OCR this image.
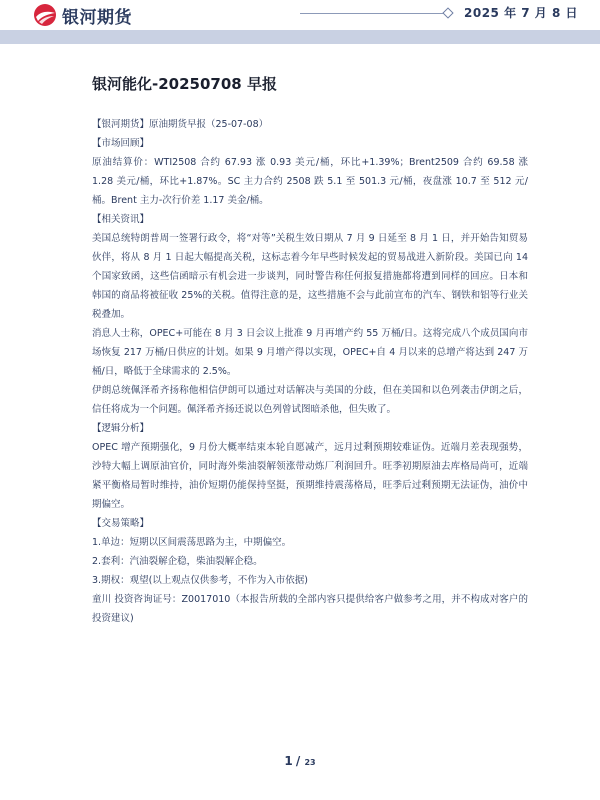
银河期货	2025 年 7 月 8 日
银河能化-20250708 早报

【银河期货】原油期货早报（25-07-08）

【市场回顾】

原油结算价：WTI2508 合约 67.93 涨 0.93 美元/桶，环比+1.39%；Brent2509 合约 69.58 涨 1.28 美元/桶，环比+1.87%。SC 主力合约 2508 跌 5.1 至 501.3 元/桶，夜盘涨 10.7 至 512 元/桶。Brent 主力-次行价差 1.17 美金/桶。

【相关资讯】

美国总统特朗普周一签署行政令，将“对等”关税生效日期从 7 月 9 日延至 8 月 1 日，并开始告知贸易伙伴，将从 8 月 1 日起大幅提高关税，这标志着今年早些时候发起的贸易战进入新阶段。美国已向 14 个国家致函，这些信函暗示有机会进一步谈判，同时警告称任何报复措施都将遭到同样的回应。日本和韩国的商品将被征收 25%的关税。值得注意的是，这些措施不会与此前宣布的汽车、钢铁和铝等行业关税叠加。

消息人士称，OPEC+可能在 8 月 3 日会议上批准 9 月再增产约 55 万桶/日。这将完成八个成员国向市场恢复 217 万桶/日供应的计划。如果 9 月增产得以实现，OPEC+自 4 月以来的总增产将达到 247 万桶/日，略低于全球需求的 2.5%。

伊朗总统佩泽希齐扬称他相信伊朗可以通过对话解决与美国的分歧，但在美国和以色列袭击伊朗之后，信任将成为一个问题。佩泽希齐扬还说以色列曾试图暗杀他，但失败了。

【逻辑分析】

OPEC 增产预期强化，9 月份大概率结束本轮自愿减产，远月过剩预期较难证伪。近端月差表现强势，沙特大幅上调原油官价，同时海外柴油裂解领涨带动炼厂利润回升。旺季初期原油去库格局尚可，近端紧平衡格局暂时维持，油价短期仍能保持坚挺，预期维持震荡格局，旺季后过剩预期无法证伪，油价中期偏空。

【交易策略】

1.单边：短期以区间震荡思路为主，中期偏空。

2.套利：汽油裂解企稳，柴油裂解企稳。

3.期权：观望(以上观点仅供参考，不作为入市依据)

童川 投资咨询证号：Z0017010（本报告所载的全部内容只提供给客户做参考之用，并不构成对客户的投资建议)

1 / 23
